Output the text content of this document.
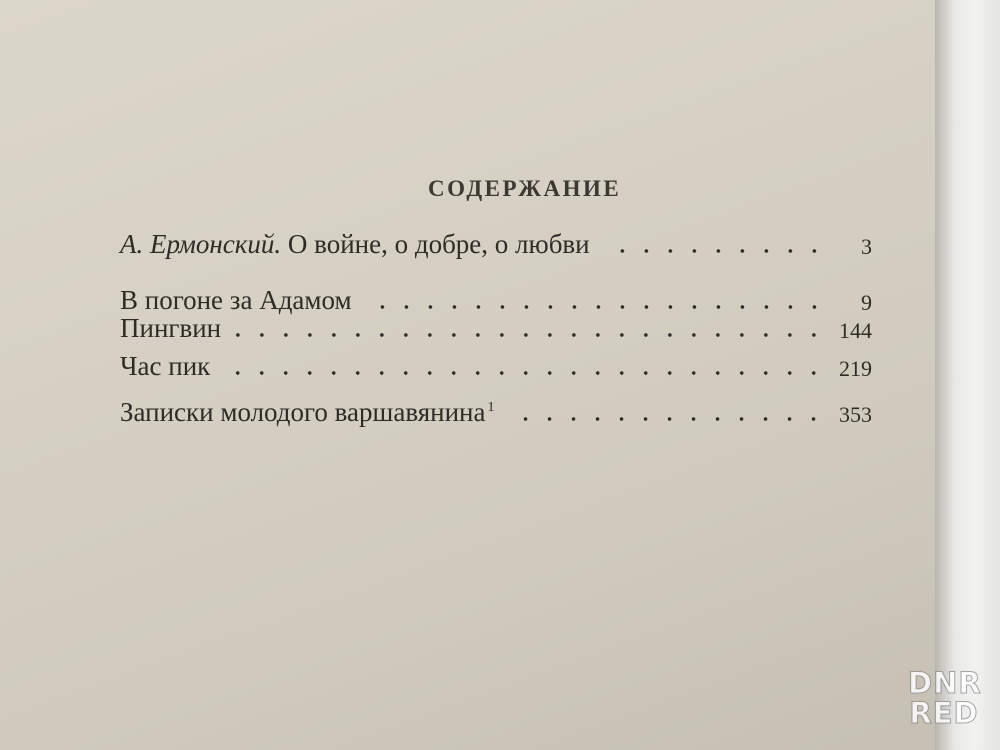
СОДЕРЖАНИЕ
А. Ермонский. О войне, о добре, о любви	3
В погоне за Адамом	9
Пингвин	144
Час пик	219
Записки молодого варшавянина $^1$	353
DNR
RED
